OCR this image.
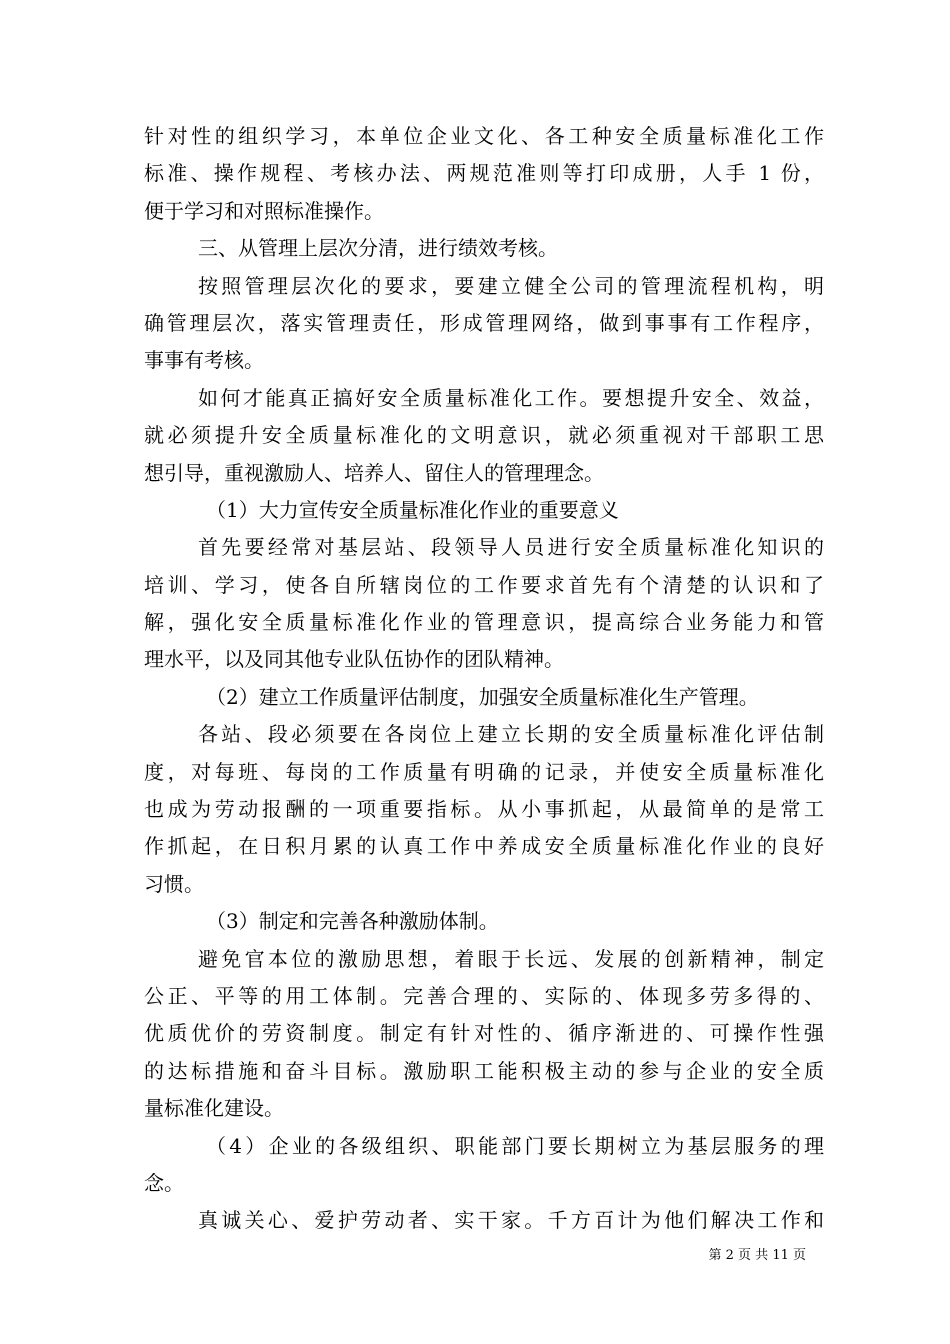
针对性的组织学习，本单位企业文化、各工种安全质量标准化工作
标准、操作规程、考核办法、两规范准则等打印成册，人手 1 份，
便于学习和对照标准操作。
三、从管理上层次分清，进行绩效考核。
按照管理层次化的要求，要建立健全公司的管理流程机构，明
确管理层次，落实管理责任，形成管理网络，做到事事有工作程序，
事事有考核。
如何才能真正搞好安全质量标准化工作。要想提升安全、效益，
就必须提升安全质量标准化的文明意识，就必须重视对干部职工思
想引导，重视激励人、培养人、留住人的管理理念。
（1）大力宣传安全质量标准化作业的重要意义
首先要经常对基层站、段领导人员进行安全质量标准化知识的
培训、学习，使各自所辖岗位的工作要求首先有个清楚的认识和了
解，强化安全质量标准化作业的管理意识，提高综合业务能力和管
理水平，以及同其他专业队伍协作的团队精神。
（2）建立工作质量评估制度，加强安全质量标准化生产管理。
各站、段必须要在各岗位上建立长期的安全质量标准化评估制
度，对每班、每岗的工作质量有明确的记录，并使安全质量标准化
也成为劳动报酬的一项重要指标。从小事抓起，从最简单的是常工
作抓起，在日积月累的认真工作中养成安全质量标准化作业的良好
习惯。
（3）制定和完善各种激励体制。
避免官本位的激励思想，着眼于长远、发展的创新精神，制定
公正、平等的用工体制。完善合理的、实际的、体现多劳多得的、
优质优价的劳资制度。制定有针对性的、循序渐进的、可操作性强
的达标措施和奋斗目标。激励职工能积极主动的参与企业的安全质
量标准化建设。
（4）企业的各级组织、职能部门要长期树立为基层服务的理
念。
真诚关心、爱护劳动者、实干家。千方百计为他们解决工作和
第 2 页 共 11 页
